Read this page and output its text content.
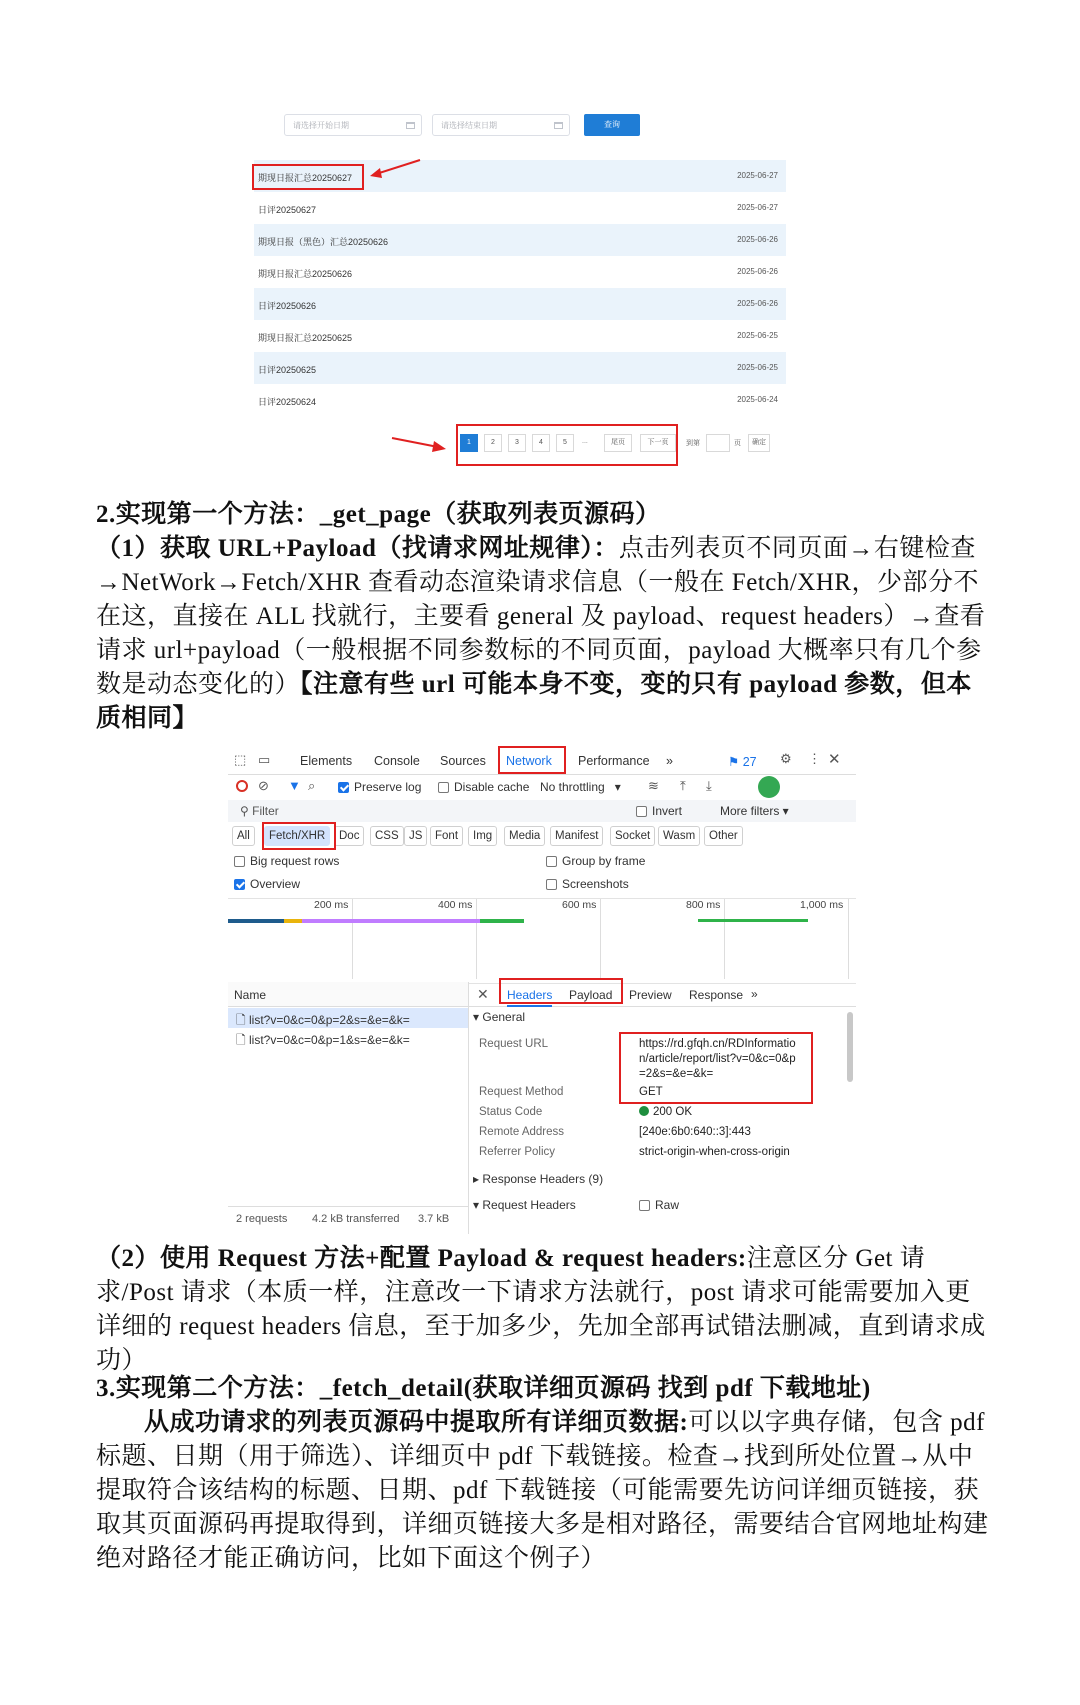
请选择开始日期	请选择结束日期	查询
期现日报汇总20250627	2025-06-27
日评20250627	2025-06-27
期现日报（黑色）汇总20250626	2025-06-26
期现日报汇总20250626	2025-06-26
日评20250626	2025-06-26
期现日报汇总20250625	2025-06-25
日评20250625	2025-06-25
日评20250624	2025-06-24
1	2	3	4	5	...	尾页	下一页	到第	页	确定
2.实现第一个方法：_get_page（获取列表页源码）
（1）获取 URL+Payload（找请求网址规律）：点击列表页不同页面→右键检查→NetWork→Fetch/XHR 查看动态渲染请求信息（一般在 Fetch/XHR，少部分不在这，直接在 ALL 找就行，主要看 general 及 payload、request headers）→查看请求 url+payload（一般根据不同参数标的不同页面，payload 大概率只有几个参数是动态变化的）【注意有些 url 可能本身不变，变的只有 payload 参数，但本质相同】
⬚ ▭ Elements Console Sources Network Performance »	⚑ 27 ⚙ ⋮ ✕
⊘ ▼ ⌕	Preserve log	Disable cache No throttling   ▾ ≋ ⤒ ⤓
⚲ Filter	Invert	More filters ▾
All	Fetch/XHR	Doc	CSS JS	Font	Img	Media	Manifest	Socket	Wasm	Other
Big request rows	Group by frame
Overview	Screenshots
200 ms	400 ms	600 ms	800 ms	1,000 ms
Name
🗋 list?v=0&c=0&p=2&s=&e=&k=
🗋 list?v=0&c=0&p=1&s=&e=&k=
2 requests 4.2 kB transferred 3.7 kB
✕ Headers Payload Preview Response »
▾ General
Request URL	https://rd.gfqh.cn/RDInformatio
n/article/report/list?v=0&c=0&p
=2&s=&e=&k=
Request Method	GET
Status Code	200 OK
Remote Address	[240e:6b0:640::3]:443
Referrer Policy	strict-origin-when-cross-origin
▸ Response Headers (9)
▾ Request Headers	Raw
（2）使用 Request 方法+配置 Payload & request headers:注意区分 Get 请求/Post 请求（本质一样，注意改一下请求方法就行，post 请求可能需要加入更详细的 request headers 信息，至于加多少，先加全部再试错法删减，直到请求成功）
3.实现第二个方法：_fetch_detail(获取详细页源码 找到 pdf 下载地址)
从成功请求的列表页源码中提取所有详细页数据:可以以字典存储，包含 pdf 标题、日期（用于筛选）、详细页中 pdf 下载链接。检查→找到所处位置→从中提取符合该结构的标题、日期、pdf 下载链接（可能需要先访问详细页链接，获取其页面源码再提取得到，详细页链接大多是相对路径，需要结合官网地址构建绝对路径才能正确访问，比如下面这个例子）
